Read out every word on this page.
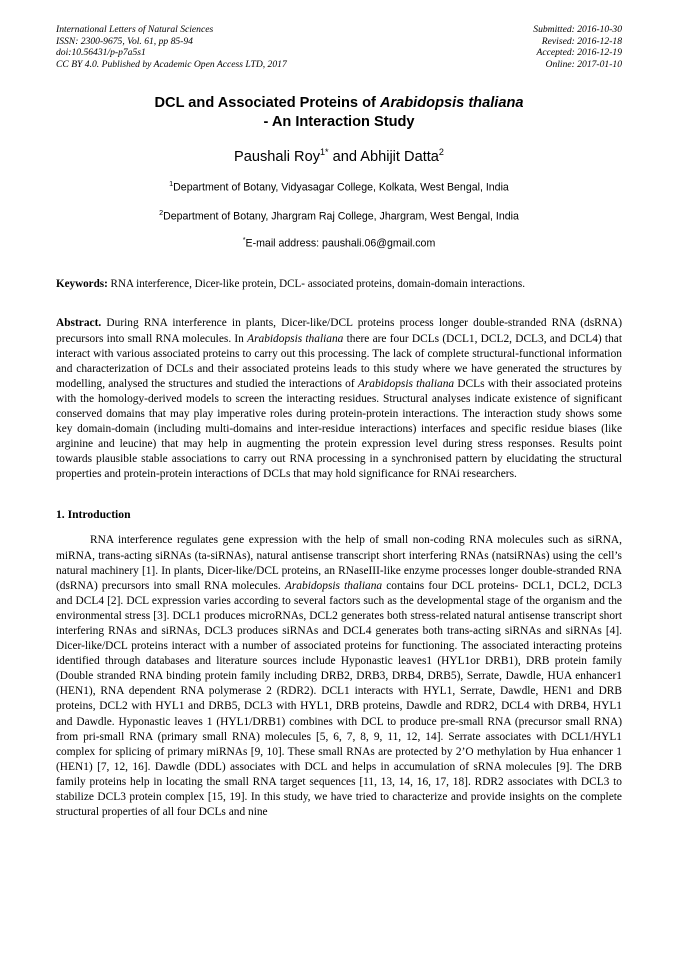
International Letters of Natural Sciences
ISSN: 2300-9675, Vol. 61, pp 85-94
doi:10.56431/p-p7a5s1
CC BY 4.0. Published by Academic Open Access LTD, 2017
Submitted: 2016-10-30
Revised: 2016-12-18
Accepted: 2016-12-19
Online: 2017-01-10
DCL and Associated Proteins of Arabidopsis thaliana
- An Interaction Study
Paushali Roy$^{1*}$ and Abhijit Datta$^2$
$^1$Department of Botany, Vidyasagar College, Kolkata, West Bengal, India
$^2$Department of Botany, Jhargram Raj College, Jhargram, West Bengal, India
*E-mail address: paushali.06@gmail.com
Keywords: RNA interference, Dicer-like protein, DCL- associated proteins, domain-domain interactions.
Abstract. During RNA interference in plants, Dicer-like/DCL proteins process longer double-stranded RNA (dsRNA) precursors into small RNA molecules. In Arabidopsis thaliana there are four DCLs (DCL1, DCL2, DCL3, and DCL4) that interact with various associated proteins to carry out this processing. The lack of complete structural-functional information and characterization of DCLs and their associated proteins leads to this study where we have generated the structures by modelling, analysed the structures and studied the interactions of Arabidopsis thaliana DCLs with their associated proteins with the homology-derived models to screen the interacting residues. Structural analyses indicate existence of significant conserved domains that may play imperative roles during protein-protein interactions. The interaction study shows some key domain-domain (including multi-domains and inter-residue interactions) interfaces and specific residue biases (like arginine and leucine) that may help in augmenting the protein expression level during stress responses. Results point towards plausible stable associations to carry out RNA processing in a synchronised pattern by elucidating the structural properties and protein-protein interactions of DCLs that may hold significance for RNAi researchers.
1. Introduction
RNA interference regulates gene expression with the help of small non-coding RNA molecules such as siRNA, miRNA, trans-acting siRNAs (ta-siRNAs), natural antisense transcript short interfering RNAs (natsiRNAs) using the cell’s natural machinery [1]. In plants, Dicer-like/DCL proteins, an RNaseIII-like enzyme processes longer double-stranded RNA (dsRNA) precursors into small RNA molecules. Arabidopsis thaliana contains four DCL proteins- DCL1, DCL2, DCL3 and DCL4 [2]. DCL expression varies according to several factors such as the developmental stage of the organism and the environmental stress [3]. DCL1 produces microRNAs, DCL2 generates both stress-related natural antisense transcript short interfering RNAs and siRNAs, DCL3 produces siRNAs and DCL4 generates both trans-acting siRNAs and siRNAs [4]. Dicer-like/DCL proteins interact with a number of associated proteins for functioning. The associated interacting proteins identified through databases and literature sources include Hyponastic leaves1 (HYL1or DRB1), DRB protein family (Double stranded RNA binding protein family including DRB2, DRB3, DRB4, DRB5), Serrate, Dawdle, HUA enhancer1 (HEN1), RNA dependent RNA polymerase 2 (RDR2). DCL1 interacts with HYL1, Serrate, Dawdle, HEN1 and DRB proteins, DCL2 with HYL1 and DRB5, DCL3 with HYL1, DRB proteins, Dawdle and RDR2, DCL4 with DRB4, HYL1 and Dawdle. Hyponastic leaves 1 (HYL1/DRB1) combines with DCL to produce pre-small RNA (precursor small RNA) from pri-small RNA (primary small RNA) molecules [5, 6, 7, 8, 9, 11, 12, 14]. Serrate associates with DCL1/HYL1 complex for splicing of primary miRNAs [9, 10]. These small RNAs are protected by 2’O methylation by Hua enhancer 1 (HEN1) [7, 12, 16]. Dawdle (DDL) associates with DCL and helps in accumulation of sRNA molecules [9]. The DRB family proteins help in locating the small RNA target sequences [11, 13, 14, 16, 17, 18]. RDR2 associates with DCL3 to stabilize DCL3 protein complex [15, 19]. In this study, we have tried to characterize and provide insights on the complete structural properties of all four DCLs and nine
